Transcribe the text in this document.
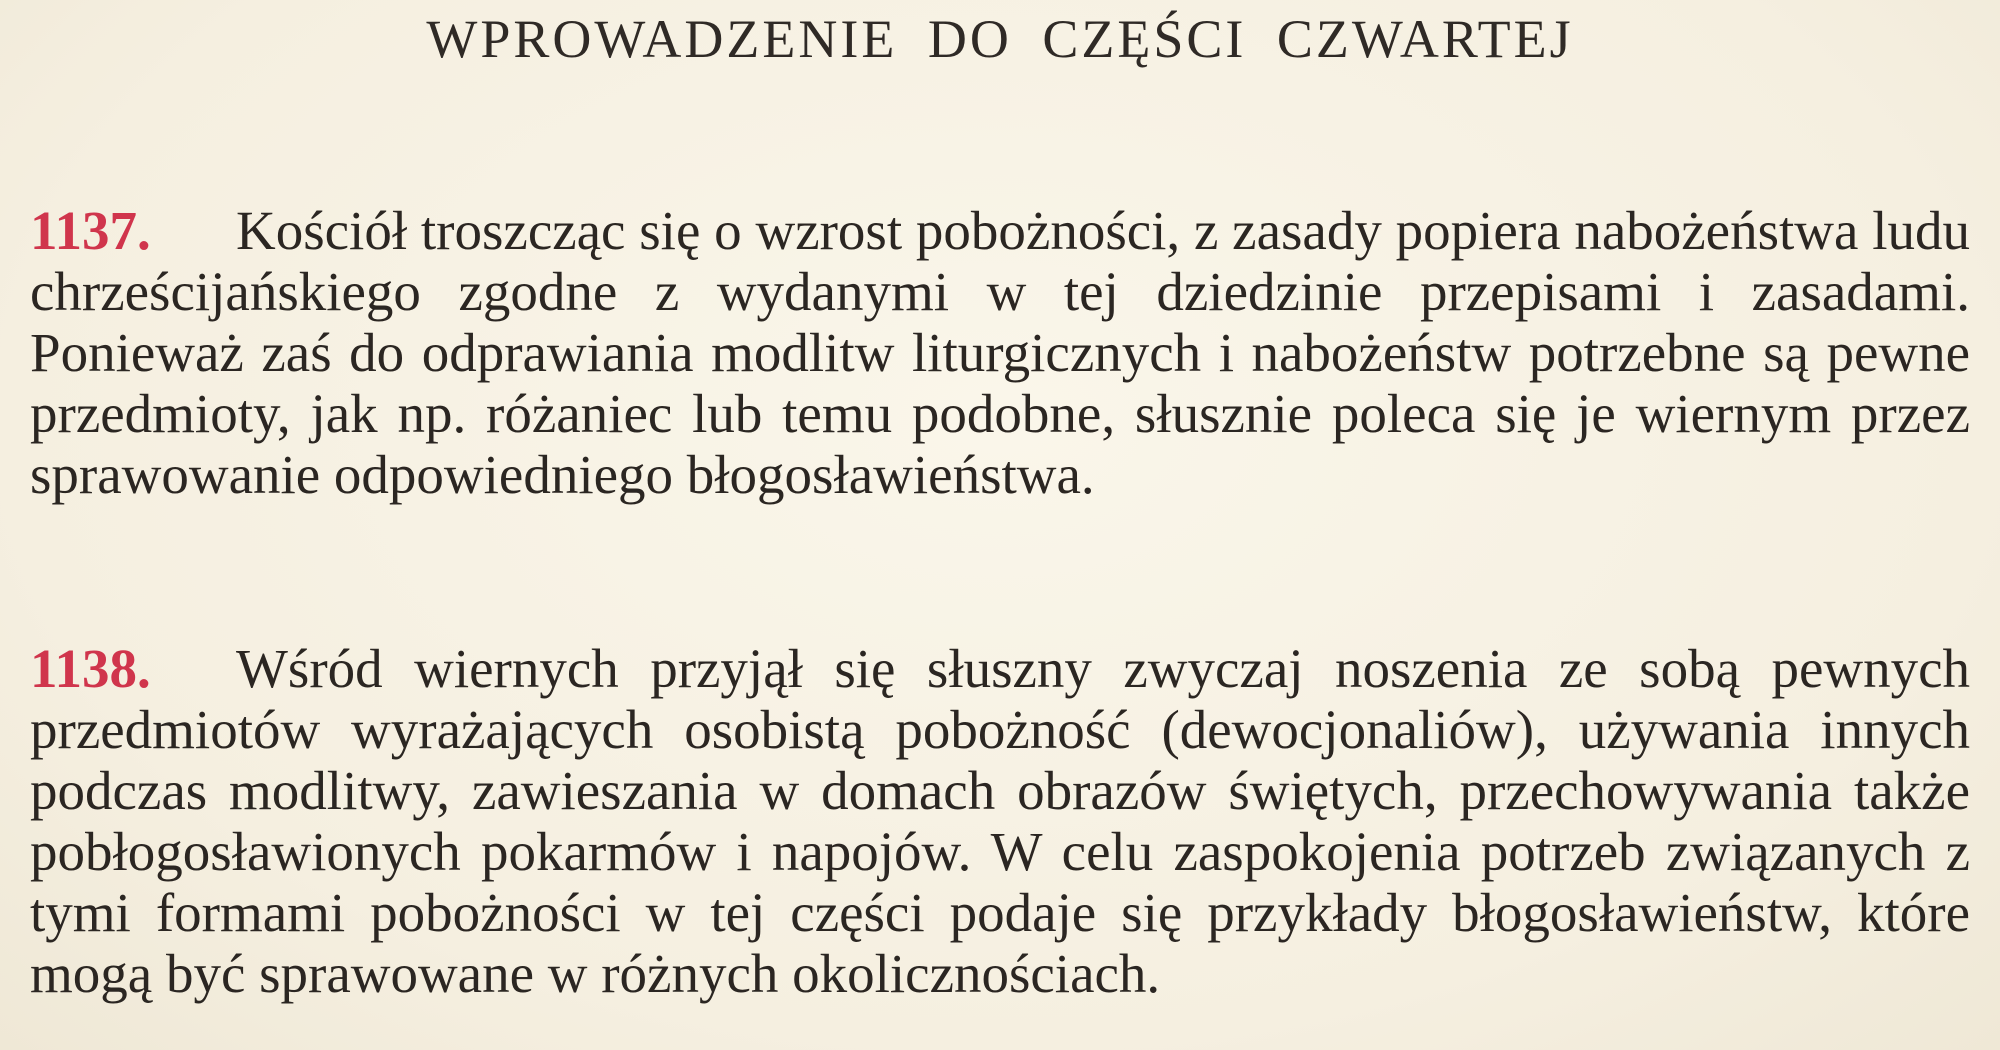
WPROWADZENIE DO CZĘŚCI CZWARTEJ

1137. Kościół troszcząc się o wzrost pobożności, z zasady popiera nabożeństwa ludu chrześcijańskiego zgodne z wydanymi w tej dziedzinie przepisami i zasadami. Ponieważ zaś do odprawiania modlitw liturgicznych i nabożeństw potrzebne są pewne przedmioty, jak np. różaniec lub temu podobne, słusznie poleca się je wiernym przez sprawowanie odpowiedniego błogosławieństwa.

1138. Wśród wiernych przyjął się słuszny zwyczaj noszenia ze sobą pewnych przedmiotów wyrażających osobistą pobożność (dewocjonaliów), używania innych podczas modlitwy, zawieszania w domach obrazów świętych, przechowywania także pobłogosławionych pokarmów i napojów. W celu zaspokojenia potrzeb związanych z tymi formami pobożności w tej części podaje się przykłady błogosławieństw, które mogą być sprawowane w różnych okolicznościach.
